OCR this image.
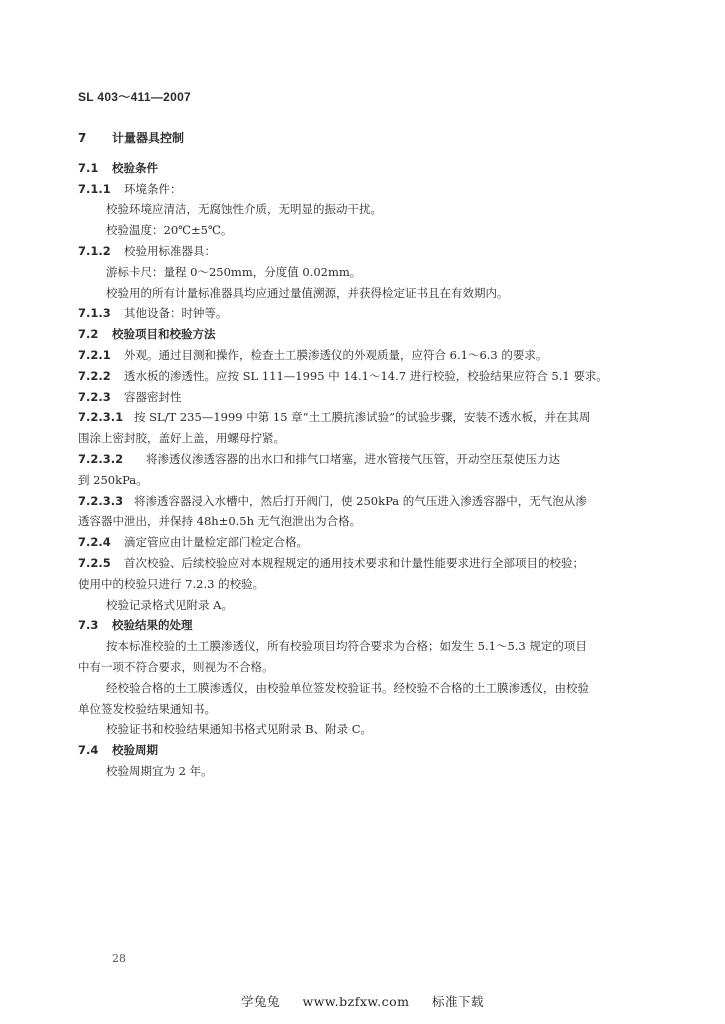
SL 403～411—2007
7 计量器具控制
7.1 校验条件
7.1.1 环境条件：
校验环境应清洁，无腐蚀性介质，无明显的振动干扰。
校验温度：20℃±5℃。
7.1.2 校验用标准器具：
游标卡尺：量程 0～250mm，分度值 0.02mm。
校验用的所有计量标准器具均应通过量值溯源，并获得检定证书且在有效期内。
7.1.3 其他设备：时钟等。
7.2 校验项目和校验方法
7.2.1 外观。通过目测和操作，检查土工膜渗透仪的外观质量，应符合 6.1～6.3 的要求。
7.2.2 透水板的渗透性。应按 SL 111—1995 中 14.1～14.7 进行校验，校验结果应符合 5.1 要求。
7.2.3 容器密封性
7.2.3.1 按 SL/T 235—1999 中第 15 章“土工膜抗渗试验”的试验步骤，安装不透水板，并在其周
围涂上密封胶，盖好上盖，用螺母拧紧。
7.2.3.2 将渗透仪渗透容器的出水口和排气口堵塞，进水管接气压管，开动空压泵使压力达
到 250kPa。
7.2.3.3 将渗透容器浸入水槽中，然后打开阀门，使 250kPa 的气压进入渗透容器中，无气泡从渗
透容器中泄出，并保持 48h±0.5h 无气泡泄出为合格。
7.2.4 滴定管应由计量检定部门检定合格。
7.2.5 首次校验、后续校验应对本规程规定的通用技术要求和计量性能要求进行全部项目的校验；
使用中的校验只进行 7.2.3 的校验。
校验记录格式见附录 A。
7.3 校验结果的处理
按本标准校验的土工膜渗透仪，所有校验项目均符合要求为合格；如发生 5.1～5.3 规定的项目
中有一项不符合要求，则视为不合格。
经校验合格的土工膜渗透仪，由校验单位签发校验证书。经校验不合格的土工膜渗透仪，由校验
单位签发校验结果通知书。
校验证书和校验结果通知书格式见附录 B、附录 C。
7.4 校验周期
校验周期宜为 2 年。
28
学兔兔 www.bzfxw.com 标准下载
